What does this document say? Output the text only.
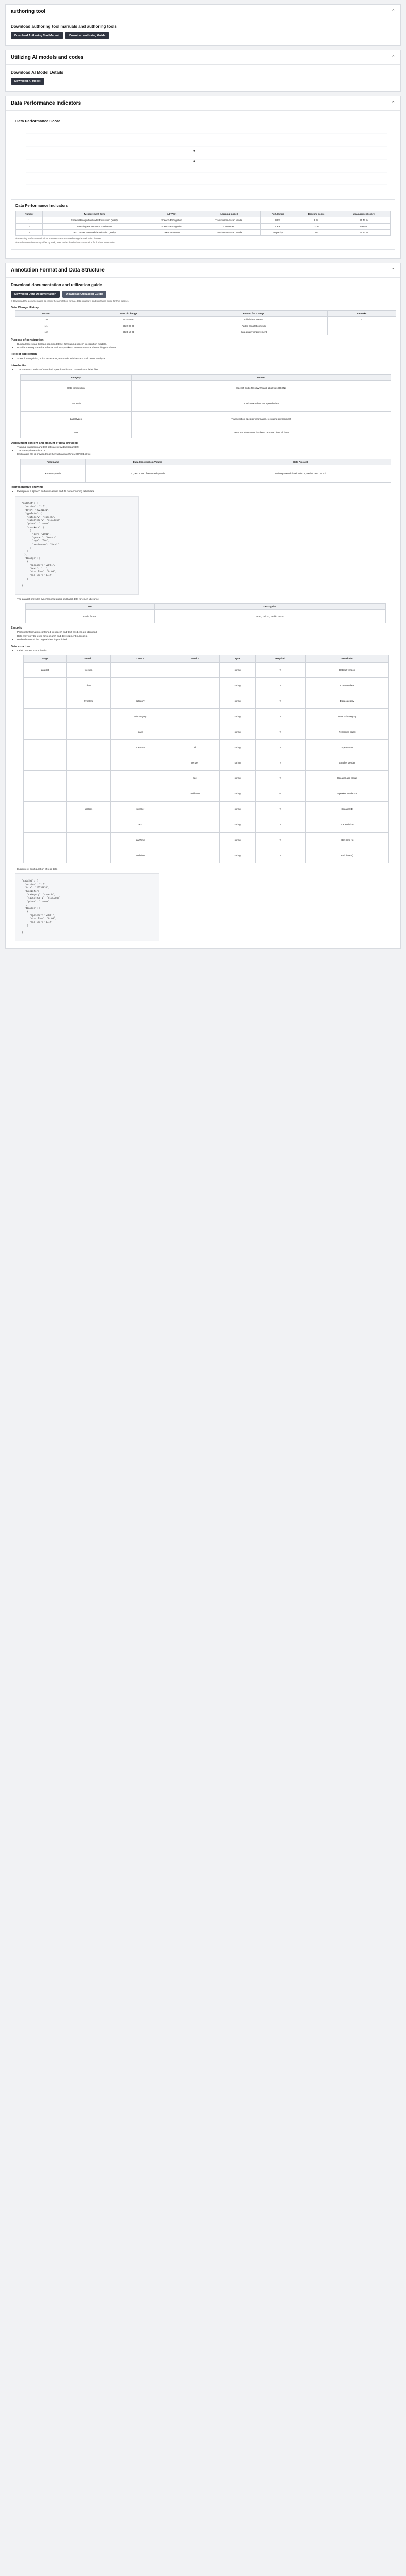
authoring tool	⌃
Download authoring tool manuals and authoring tools
Download Authoring Tool Manual	Download authoring Guide
Utilizing AI models and codes	⌃
Download AI Model Details
Download AI Model
Data Performance Indicators	⌃
Data Performance Score
Data Performance Indicators
Number	Measurement item	AI TASK	Learning model	Perf. Metric	Baseline score	Measurement score
1	Speech Recognition Model Evaluation Quality	Speech Recognition	Transformer-Based Model	WER	8 %	11.44 %
2	Learning Performance Evaluation	Speech Recognition	Conformer	CER	10 %	9.86 %
3	Text Conversion Model Evaluation Quality	Text Generation	Transformer-Based Model	Perplexity	100	12.83 %
※ Learning performance indicator scores are measured using the validation dataset.
※ Evaluation criteria may differ by task; refer to the detailed documentation for further information.
Annotation Format and Data Structure	⌃
Download documentation and utilization guide
Download Data Documentation	Download Utilization Guide
※ Download the documentation to check the annotation format, data structure, and utilization guide for this dataset.
Data Change History
Version	Date of Change	Reason for Change	Remarks
1.0	2021-11-30	Initial data release	-
1.1	2022-06-30	Added annotation fields	-
1.2	2023-10-31	Data quality improvement	-
Purpose of construction
• Build a large-scale Korean speech dataset for training speech recognition models.
• Provide training data that reflects various speakers, environments and recording conditions.
Field of application
• Speech recognition, voice assistants, automatic subtitles and call center analysis.
Introduction
• The dataset consists of recorded speech audio and transcription label files.
category	content
Data composition	Speech audio files (WAV) and label files (JSON)
Data scale	Total 10,000 hours of speech data
Label types	Transcription, speaker information, recording environment
Note	Personal information has been removed from all data
Deployment content and amount of data provided
• Training, validation and test sets are provided separately.
• The data split ratio is 8 : 1 : 1.
• Each audio file is provided together with a matching JSON label file.
Field name	Data Construction Volume	Data Amount
Korean speech	10,000 hours of recorded speech	Training 8,000 h / Validation 1,000 h / Test 1,000 h
Representative drawing
• Example of a speech audio waveform and its corresponding label data.
{
"dataSet": {
"version": "1.2",
"date": "20231031",
"typeInfo": {
"category": "speech",
"subcategory": "dialogue",
"place": "indoor",
"speakers": [
{
"id": "S0001",
"gender": "female",
"age": "30s",
"residence": "Seoul"
}
]
},
"dialogs": [
{
"speaker": "S0001",
"text": "...",
"startTime": "0.00",
"endTime": "3.12"
}
]
}
}
• The dataset provides synchronized audio and label data for each utterance.
Item	Description
Audio format	WAV, 16 kHz, 16 bit, mono
Security
• Personal information contained in speech and text has been de-identified.
• Data may only be used for research and development purposes.
• Redistribution of the original data is prohibited.
Data structure
• Label data structure details
Stage	Level 1	Level 2	Level 3	Type	Required	Description
dataSet	version			string	Y	Dataset version
	date			string	Y	Creation date
	typeInfo	category		string	Y	Data category
		subcategory		string	Y	Data subcategory
		place		string	Y	Recording place
		speakers	id	string	Y	Speaker ID
			gender	string	Y	Speaker gender
			age	string	Y	Speaker age group
			residence	string	N	Speaker residence
	dialogs	speaker		string	Y	Speaker ID
		text		string	Y	Transcription
		startTime		string	Y	Start time (s)
		endTime		string	Y	End time (s)
• Example of configuration of real data
{
"dataSet": {
"version": "1.2",
"date": "20231031",
"typeInfo": {
"category": "speech",
"subcategory": "dialogue",
"place": "indoor"
},
"dialogs": [
{
"speaker": "S0001",
"startTime": "0.00",
"endTime": "3.12"
}
]
}
}
